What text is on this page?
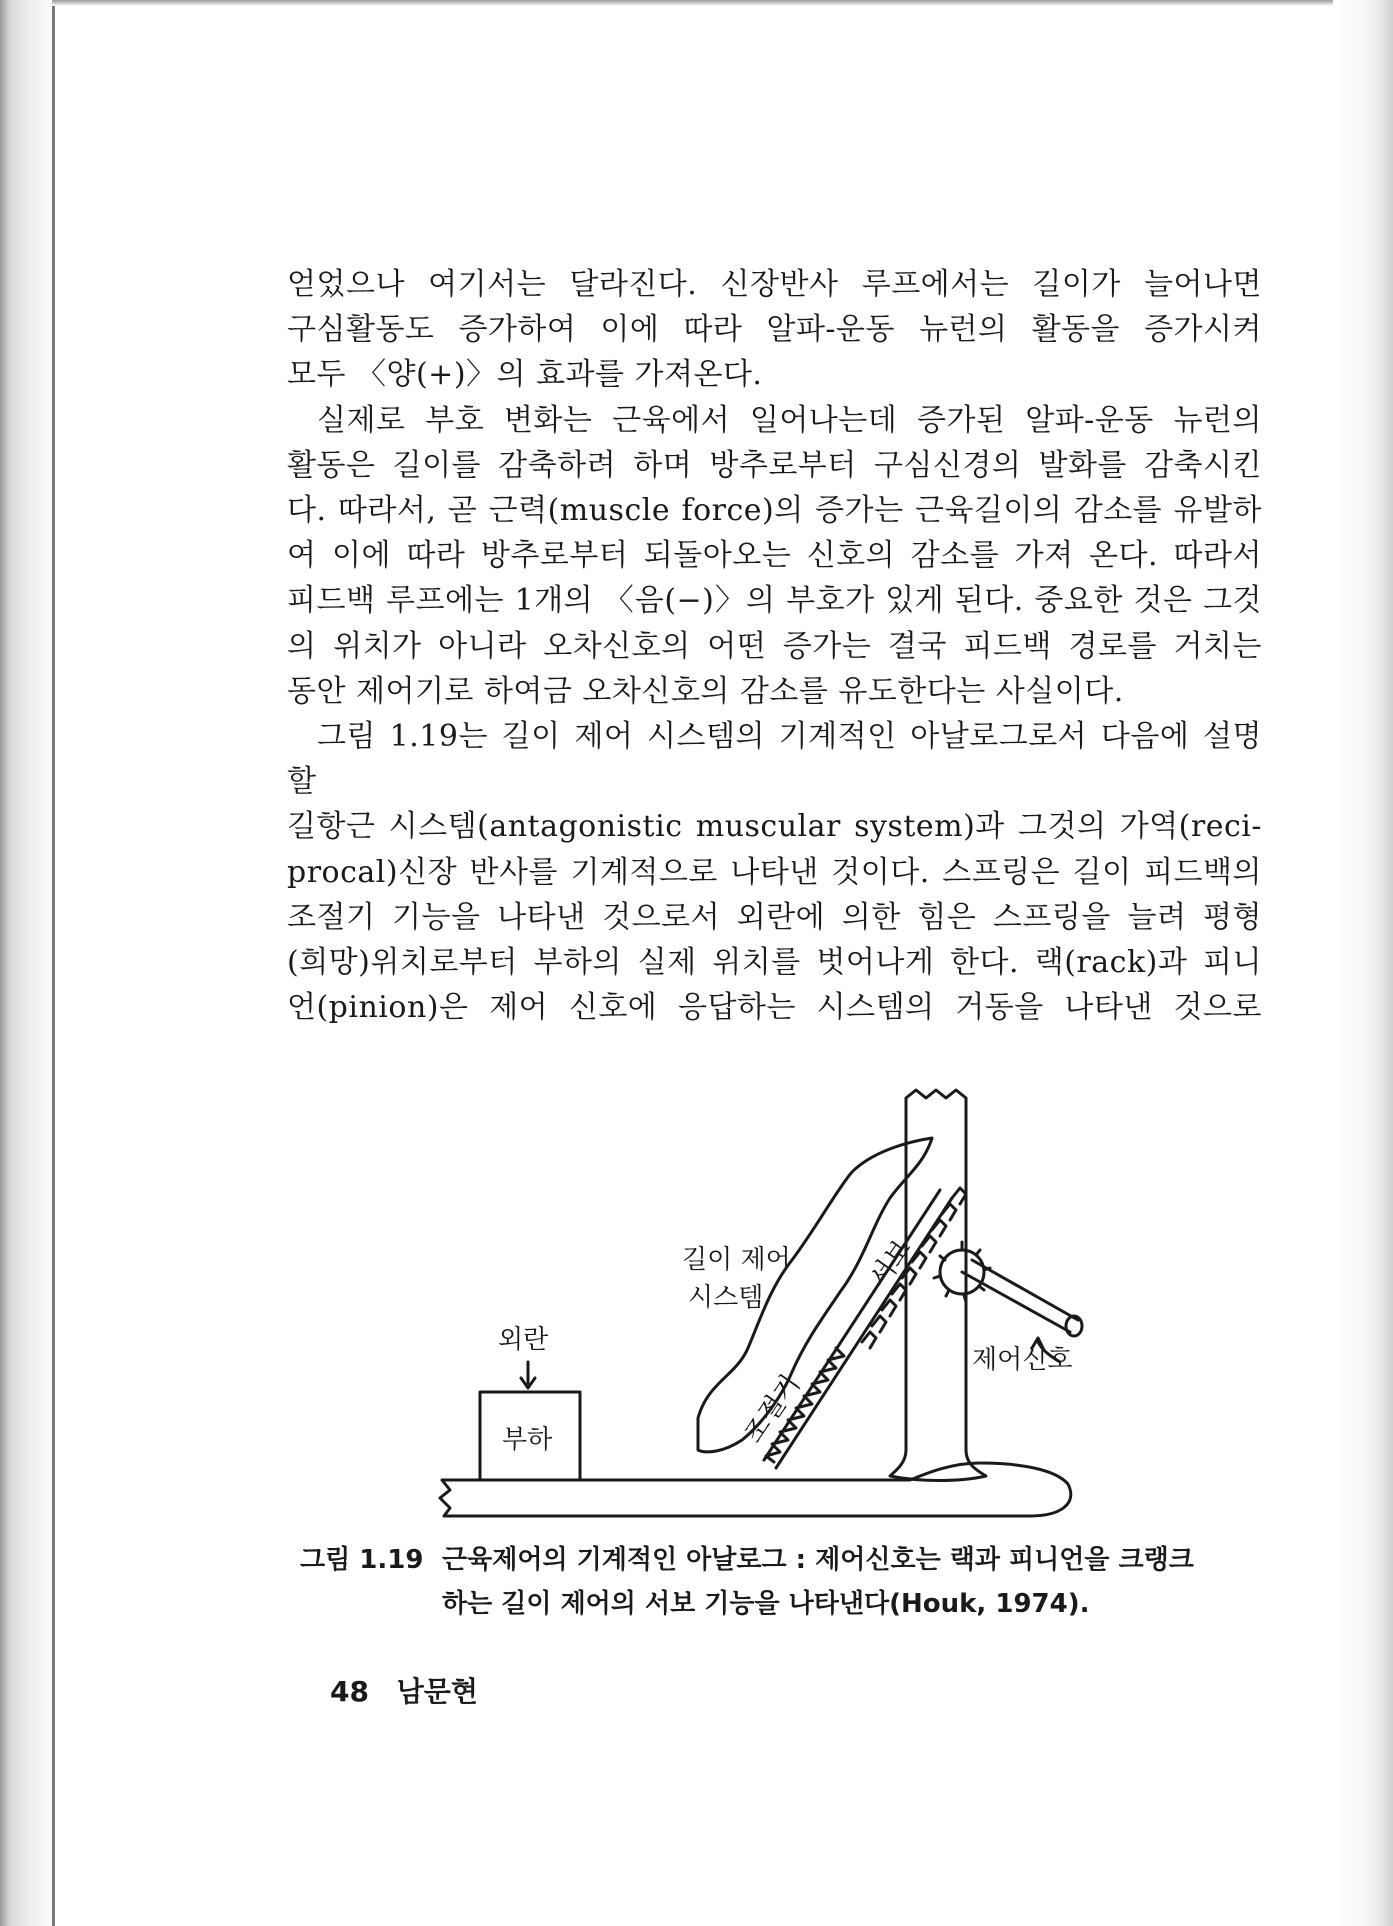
얻었으나 여기서는 달라진다. 신장반사 루프에서는 길이가 늘어나면

구심활동도 증가하여 이에 따라 알파-운동 뉴런의 활동을 증가시켜

모두 〈양(+)〉의 효과를 가져온다.

실제로 부호 변화는 근육에서 일어나는데 증가된 알파-운동 뉴런의

활동은 길이를 감축하려 하며 방추로부터 구심신경의 발화를 감축시킨

다. 따라서, 곧 근력(muscle force)의 증가는 근육길이의 감소를 유발하

여 이에 따라 방추로부터 되돌아오는 신호의 감소를 가져 온다. 따라서

피드백 루프에는 1개의 〈음(−)〉의 부호가 있게 된다. 중요한 것은 그것

의 위치가 아니라 오차신호의 어떤 증가는 결국 피드백 경로를 거치는

동안 제어기로 하여금 오차신호의 감소를 유도한다는 사실이다.

그림 1.19는 길이 제어 시스템의 기계적인 아날로그로서 다음에 설명할

길항근 시스템(antagonistic muscular system)과 그것의 가역(reci-

procal)신장 반사를 기계적으로 나타낸 것이다. 스프링은 길이 피드백의

조절기 기능을 나타낸 것으로서 외란에 의한 힘은 스프링을 늘려 평형

(희망)위치로부터 부하의 실제 위치를 벗어나게 한다. 랙(rack)과 피니

언(pinion)은 제어 신호에 응답하는 시스템의 거동을 나타낸 것으로

길이 제어
시스템
서보
조절기
외란
부하
제어신호
그림 1.19 근육제어의 기계적인 아날로그 : 제어신호는 랙과 피니언을 크랭크
하는 길이 제어의 서보 기능을 나타낸다(Houk, 1974).
48 남문현
